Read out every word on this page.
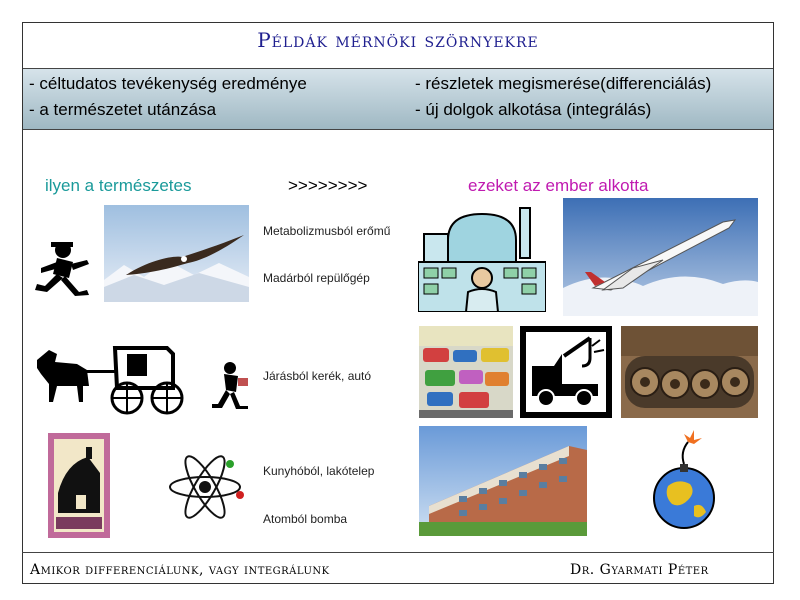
Példák mérnöki szörnyekre
- céltudatos tevékenység eredménye
- a természetet utánzása
- részletek megismerése(differenciálás)
- új dolgok alkotása (integrálás)
ilyen a természetes	>>>>>>>>	ezeket az ember alkotta
Metabolizmusból erőmű
Madárból repülőgép
Járásból kerék, autó
Kunyhóból, lakótelep
Atomból bomba
Amikor differenciálunk, vagy integrálunk	Dr. Gyarmati Péter
